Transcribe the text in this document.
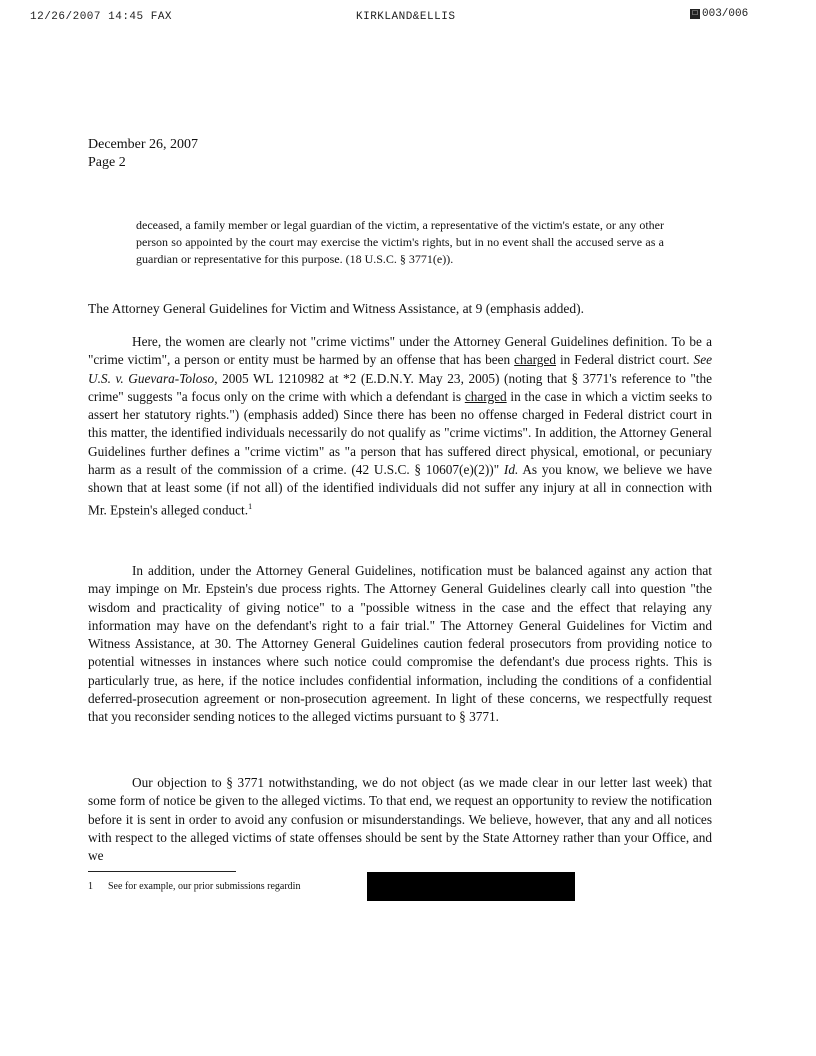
12/26/2007 14:45 FAX	KIRKLAND&ELLIS	□ 003/006
December 26, 2007
Page 2
deceased, a family member or legal guardian of the victim, a representative of the victim's estate, or any other person so appointed by the court may exercise the victim's rights, but in no event shall the accused serve as a guardian or representative for this purpose. (18 U.S.C. § 3771(e)).
The Attorney General Guidelines for Victim and Witness Assistance, at 9 (emphasis added).
Here, the women are clearly not "crime victims" under the Attorney General Guidelines definition. To be a "crime victim", a person or entity must be harmed by an offense that has been charged in Federal district court. See U.S. v. Guevara-Toloso, 2005 WL 1210982 at *2 (E.D.N.Y. May 23, 2005) (noting that § 3771's reference to "the crime" suggests "a focus only on the crime with which a defendant is charged in the case in which a victim seeks to assert her statutory rights.") (emphasis added) Since there has been no offense charged in Federal district court in this matter, the identified individuals necessarily do not qualify as "crime victims". In addition, the Attorney General Guidelines further defines a "crime victim" as "a person that has suffered direct physical, emotional, or pecuniary harm as a result of the commission of a crime. (42 U.S.C. § 10607(e)(2))" Id. As you know, we believe we have shown that at least some (if not all) of the identified individuals did not suffer any injury at all in connection with Mr. Epstein's alleged conduct.$^1$
In addition, under the Attorney General Guidelines, notification must be balanced against any action that may impinge on Mr. Epstein's due process rights. The Attorney General Guidelines clearly call into question "the wisdom and practicality of giving notice" to a "possible witness in the case and the effect that relaying any information may have on the defendant's right to a fair trial." The Attorney General Guidelines for Victim and Witness Assistance, at 30. The Attorney General Guidelines caution federal prosecutors from providing notice to potential witnesses in instances where such notice could compromise the defendant's due process rights. This is particularly true, as here, if the notice includes confidential information, including the conditions of a confidential deferred-prosecution agreement or non-prosecution agreement. In light of these concerns, we respectfully request that you reconsider sending notices to the alleged victims pursuant to § 3771.
Our objection to § 3771 notwithstanding, we do not object (as we made clear in our letter last week) that some form of notice be given to the alleged victims. To that end, we request an opportunity to review the notification before it is sent in order to avoid any confusion or misunderstandings. We believe, however, that any and all notices with respect to the alleged victims of state offenses should be sent by the State Attorney rather than your Office, and we
1	See for example, our prior submissions regardin
